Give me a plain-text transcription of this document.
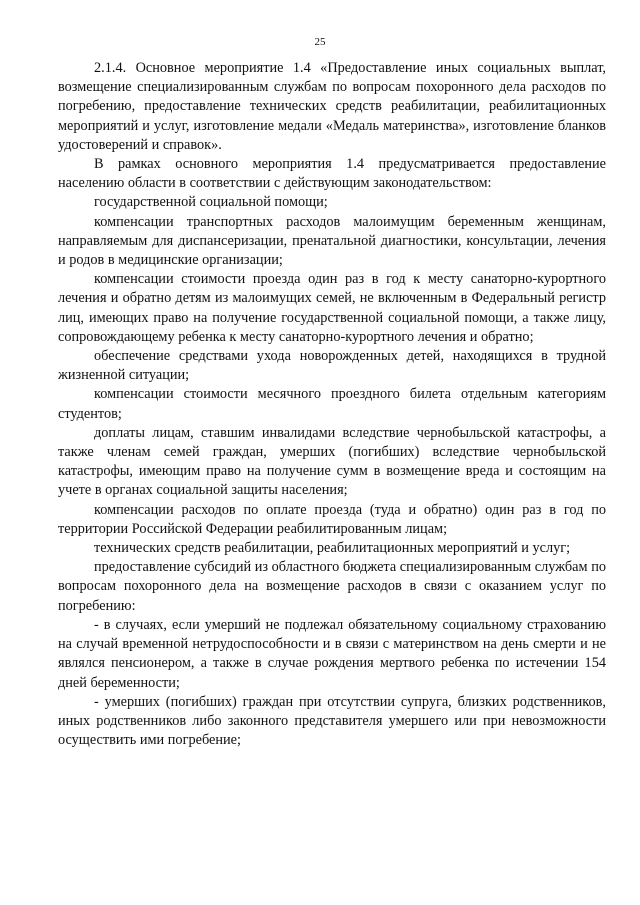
25

2.1.4. Основное мероприятие 1.4 «Предоставление иных социальных выплат, возмещение специализированным службам по вопросам похоронного дела расходов по погребению, предоставление технических средств реабилитации, реабилитационных мероприятий и услуг, изготовление медали «Медаль материнства», изготовление бланков удостоверений и справок».

В рамках основного мероприятия 1.4 предусматривается предоставление населению области в соответствии с действующим законодательством:

государственной социальной помощи;

компенсации транспортных расходов малоимущим беременным женщинам, направляемым для диспансеризации, пренатальной диагностики, консультации, лечения и родов в медицинские организации;

компенсации стоимости проезда один раз в год к месту санаторно-курортного лечения и обратно детям из малоимущих семей, не включенным в Федеральный регистр лиц, имеющих право на получение государственной социальной помощи, а также лицу, сопровождающему ребенка к месту санаторно-курортного лечения и обратно;

обеспечение средствами ухода новорожденных детей, находящихся в трудной жизненной ситуации;

компенсации стоимости месячного проездного билета отдельным категориям студентов;

доплаты лицам, ставшим инвалидами вследствие чернобыльской катастрофы, а также членам семей граждан, умерших (погибших) вследствие чернобыльской катастрофы, имеющим право на получение сумм в возмещение вреда и состоящим на учете в органах социальной защиты населения;

компенсации расходов по оплате проезда (туда и обратно) один раз в год по территории Российской Федерации реабилитированным лицам;

технических средств реабилитации, реабилитационных мероприятий и услуг;

предоставление субсидий из областного бюджета специализированным службам по вопросам похоронного дела на возмещение расходов в связи с оказанием услуг по погребению:

- в случаях, если умерший не подлежал обязательному социальному страхованию на случай временной нетрудоспособности и в связи с материнством на день смерти и не являлся пенсионером, а также в случае рождения мертвого ребенка по истечении 154 дней беременности;

- умерших (погибших) граждан при отсутствии супруга, близких родственников, иных родственников либо законного представителя умершего или при невозможности осуществить ими погребение;
